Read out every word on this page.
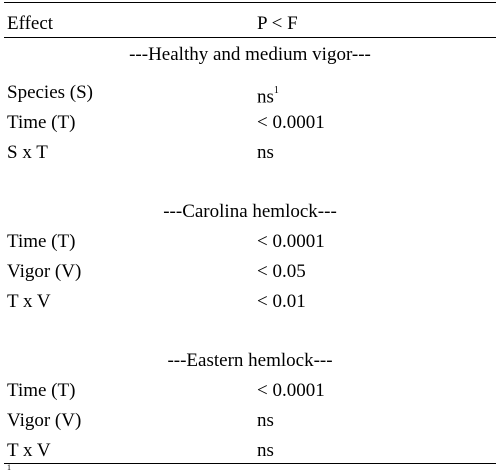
Effect	P < F
---Healthy and medium vigor---
Species (S)	$ns^1$
Time (T)	< 0.0001
S x T	ns
---Carolina hemlock---
Time (T)	< 0.0001
Vigor (V)	< 0.05
T x V	< 0.01
---Eastern hemlock---
Time (T)	< 0.0001
Vigor (V)	ns
T x V	ns
1
